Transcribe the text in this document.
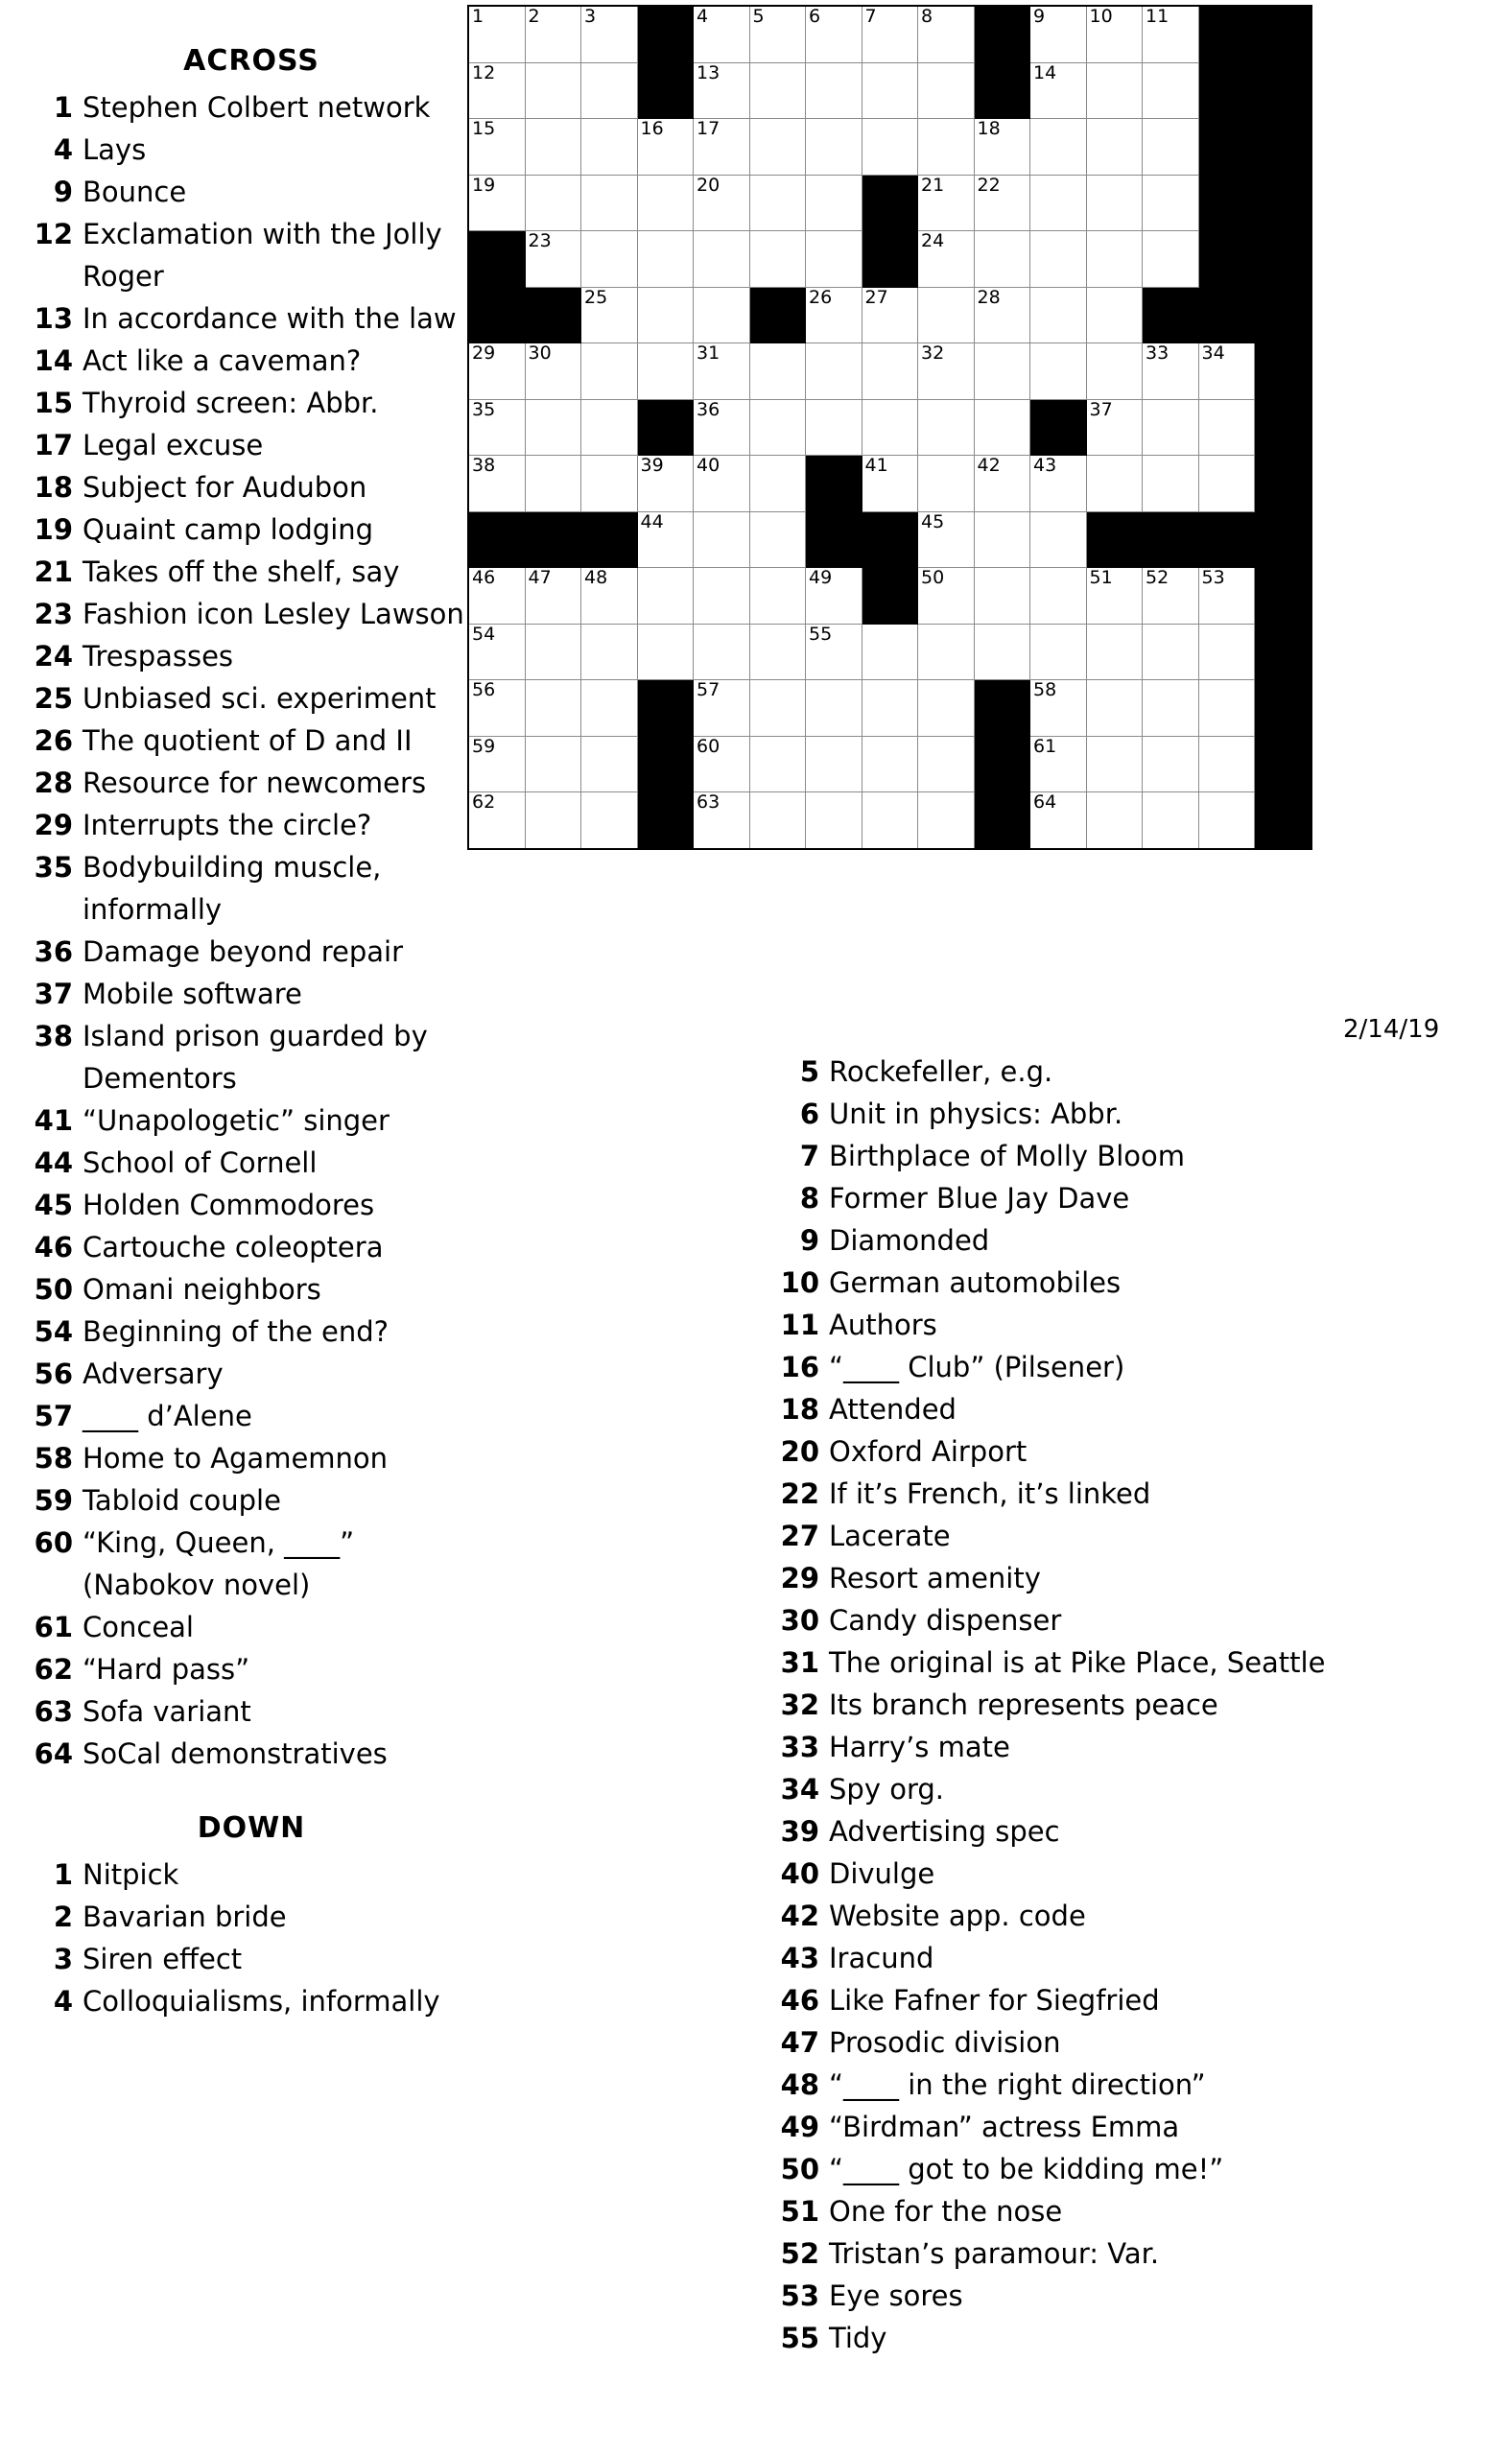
1	2	3		4	5	6	7	8		9	10	11		

12				13						14				

15			16	17					18					

19				20				21	22					

	23							24						

		25				26	27		28					

29	30			31				32				33	34	

35				36							37			

38			39	40			41		42	43				

			44					45						

46	47	48				49		50			51	52	53	

54						55								

56				57						58				

59				60						61				

62				63						64				

2/14/19
ACROSS
1 Stephen Colbert network
4 Lays
9 Bounce
12 Exclamation with the Jolly Roger
13 In accordance with the law
14 Act like a caveman?
15 Thyroid screen: Abbr.
17 Legal excuse
18 Subject for Audubon
19 Quaint camp lodging
21 Takes off the shelf, say
23 Fashion icon Lesley Lawson
24 Trespasses
25 Unbiased sci. experiment
26 The quotient of D and II
28 Resource for newcomers
29 Interrupts the circle?
35 Bodybuilding muscle, informally
36 Damage beyond repair
37 Mobile software
38 Island prison guarded by Dementors
41 “Unapologetic” singer
44 School of Cornell
45 Holden Commodores
46 Cartouche coleoptera
50 Omani neighbors
54 Beginning of the end?
56 Adversary
57 ____ d’Alene
58 Home to Agamemnon
59 Tabloid couple
60 “King, Queen, ____” (Nabokov novel)
61 Conceal
62 “Hard pass”
63 Sofa variant
64 SoCal demonstratives
DOWN
1 Nitpick
2 Bavarian bride
3 Siren effect
4 Colloquialisms, informally
5 Rockefeller, e.g.
6 Unit in physics: Abbr.
7 Birthplace of Molly Bloom
8 Former Blue Jay Dave
9 Diamonded
10 German automobiles
11 Authors
16 “____ Club” (Pilsener)
18 Attended
20 Oxford Airport
22 If it’s French, it’s linked
27 Lacerate
29 Resort amenity
30 Candy dispenser
31 The original is at Pike Place, Seattle
32 Its branch represents peace
33 Harry’s mate
34 Spy org.
39 Advertising spec
40 Divulge
42 Website app. code
43 Iracund
46 Like Fafner for Siegfried
47 Prosodic division
48 “____ in the right direction”
49 “Birdman” actress Emma
50 “____ got to be kidding me!”
51 One for the nose
52 Tristan’s paramour: Var.
53 Eye sores
55 Tidy
